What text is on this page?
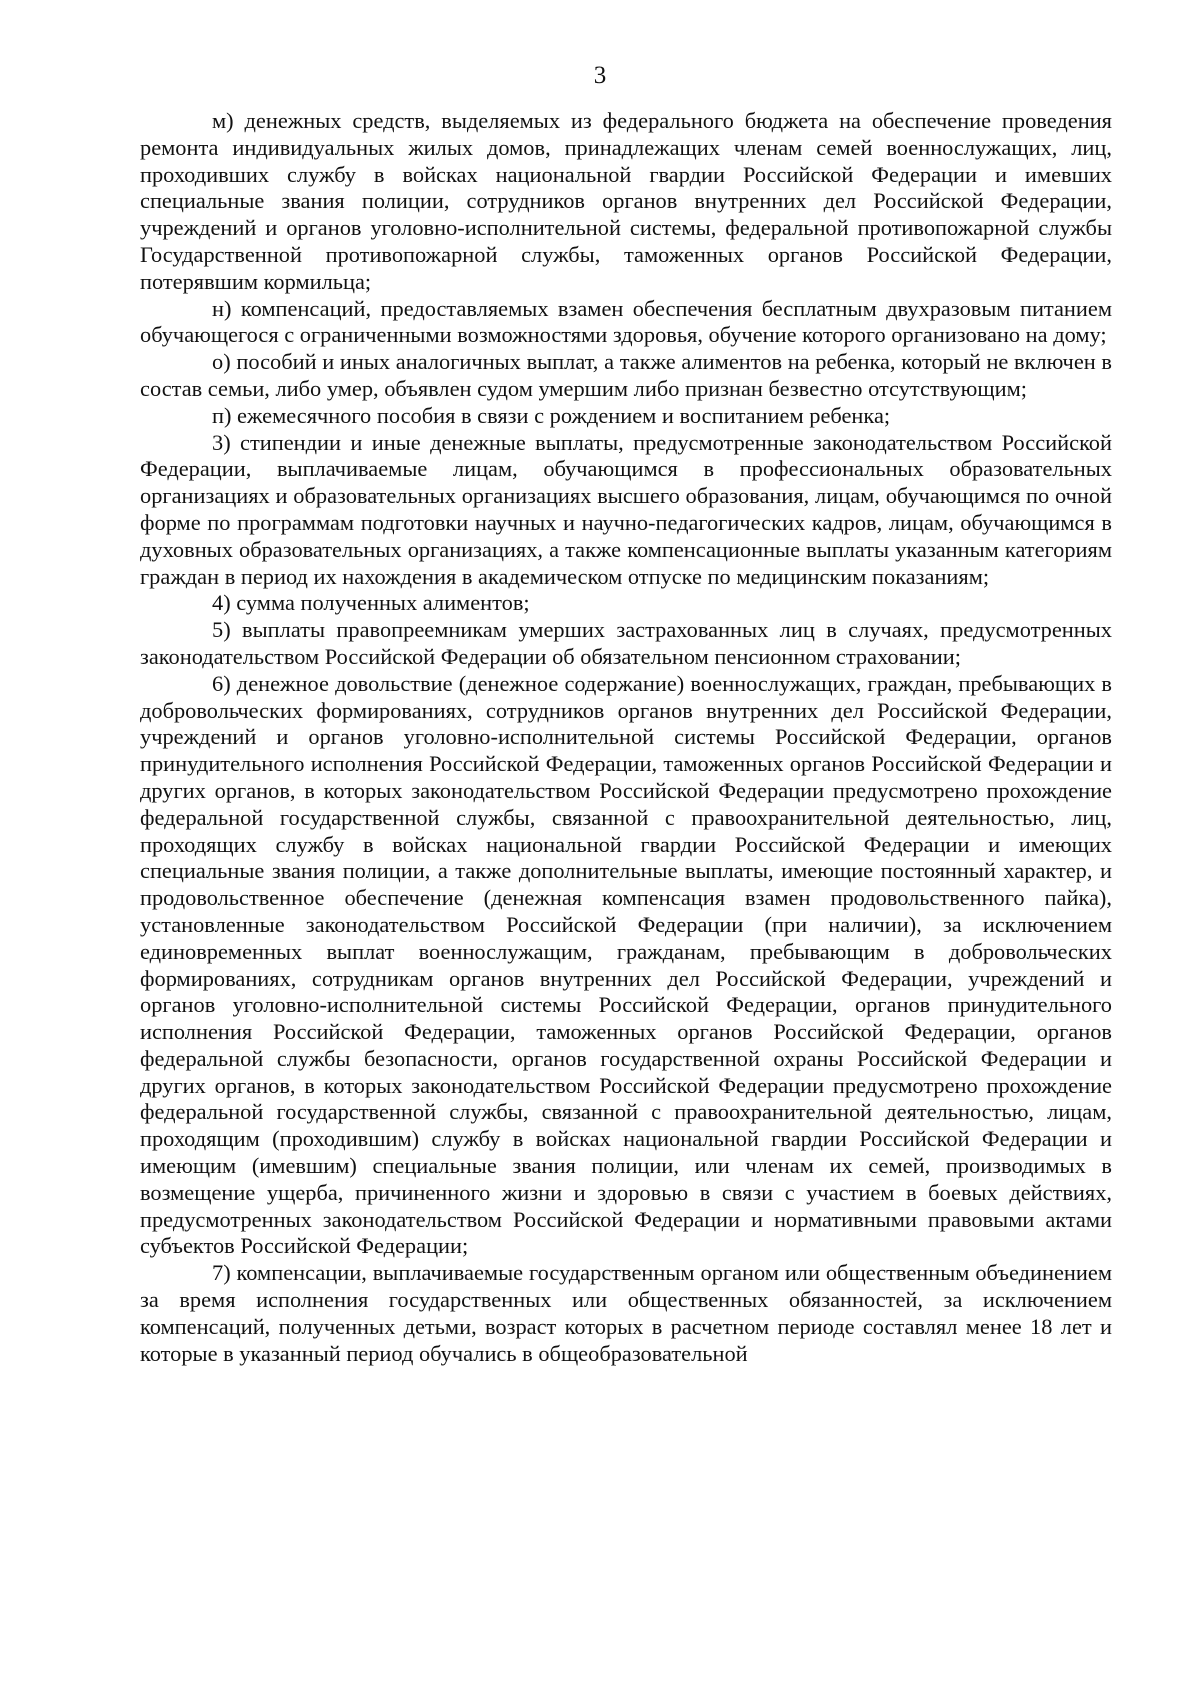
3

м) денежных средств, выделяемых из федерального бюджета на обеспечение проведения ремонта индивидуальных жилых домов, принадлежащих членам семей военнослужащих, лиц, проходивших службу в войсках национальной гвардии Российской Федерации и имевших специальные звания полиции, сотрудников органов внутренних дел Российской Федерации, учреждений и органов уголовно-исполнительной системы, федеральной противопожарной службы Государственной противопожарной службы, таможенных органов Российской Федерации, потерявшим кормильца;

н) компенсаций, предоставляемых взамен обеспечения бесплатным двухразовым питанием обучающегося с ограниченными возможностями здоровья, обучение которого организовано на дому;

о) пособий и иных аналогичных выплат, а также алиментов на ребенка, который не включен в состав семьи, либо умер, объявлен судом умершим либо признан безвестно отсутствующим;

п) ежемесячного пособия в связи с рождением и воспитанием ребенка;

3) стипендии и иные денежные выплаты, предусмотренные законодательством Российской Федерации, выплачиваемые лицам, обучающимся в профессиональных образовательных организациях и образовательных организациях высшего образования, лицам, обучающимся по очной форме по программам подготовки научных и научно-педагогических кадров, лицам, обучающимся в духовных образовательных организациях, а также компенсационные выплаты указанным категориям граждан в период их нахождения в академическом отпуске по медицинским показаниям;

4) сумма полученных алиментов;

5) выплаты правопреемникам умерших застрахованных лиц в случаях, предусмотренных законодательством Российской Федерации об обязательном пенсионном страховании;

6) денежное довольствие (денежное содержание) военнослужащих, граждан, пребывающих в добровольческих формированиях, сотрудников органов внутренних дел Российской Федерации, учреждений и органов уголовно-исполнительной системы Российской Федерации, органов принудительного исполнения Российской Федерации, таможенных органов Российской Федерации и других органов, в которых законодательством Российской Федерации предусмотрено прохождение федеральной государственной службы, связанной с правоохранительной деятельностью, лиц, проходящих службу в войсках национальной гвардии Российской Федерации и имеющих специальные звания полиции, а также дополнительные выплаты, имеющие постоянный характер, и продовольственное обеспечение (денежная компенсация взамен продовольственного пайка), установленные законодательством Российской Федерации (при наличии), за исключением единовременных выплат военнослужащим, гражданам, пребывающим в добровольческих формированиях, сотрудникам органов внутренних дел Российской Федерации, учреждений и органов уголовно-исполнительной системы Российской Федерации, органов принудительного исполнения Российской Федерации, таможенных органов Российской Федерации, органов федеральной службы безопасности, органов государственной охраны Российской Федерации и других органов, в которых законодательством Российской Федерации предусмотрено прохождение федеральной государственной службы, связанной с правоохранительной деятельностью, лицам, проходящим (проходившим) службу в войсках национальной гвардии Российской Федерации и имеющим (имевшим) специальные звания полиции, или членам их семей, производимых в возмещение ущерба, причиненного жизни и здоровью в связи с участием в боевых действиях, предусмотренных законодательством Российской Федерации и нормативными правовыми актами субъектов Российской Федерации;

7) компенсации, выплачиваемые государственным органом или общественным объединением за время исполнения государственных или общественных обязанностей, за исключением компенсаций, полученных детьми, возраст которых в расчетном периоде составлял менее 18 лет и которые в указанный период обучались в общеобразовательной
